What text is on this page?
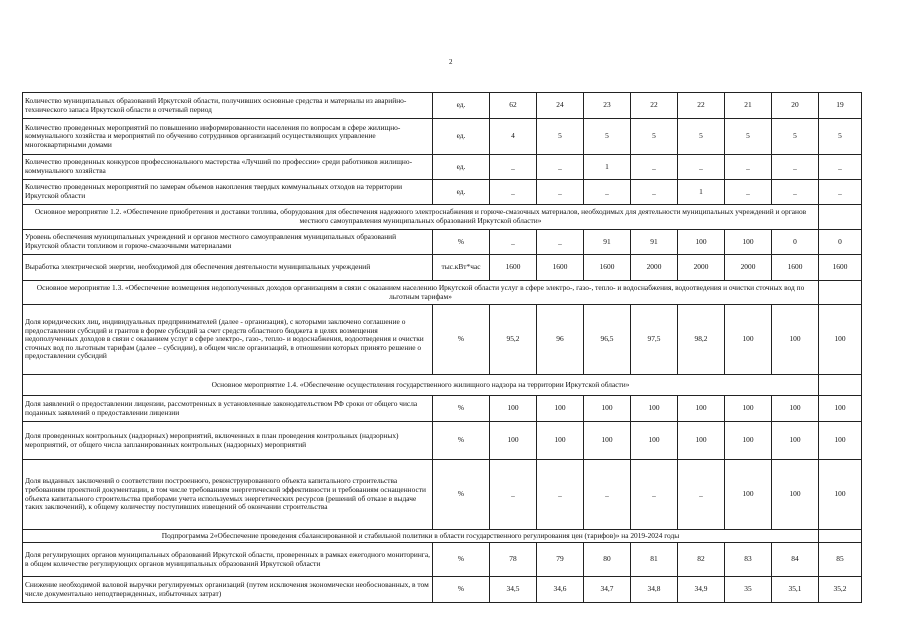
2
Количество муниципальных образований Иркутской области, получивших основные средства и материалы из аварийно-технического запаса Иркутской области в отчетный период	ед.	62	24	23	22	22	21	20	19
Количество проведенных мероприятий по повышению информированности населения по вопросам в сфере жилищно-коммунального хозяйства и мероприятий по обучению сотрудников организаций осуществляющих управление многоквартирными домами	ед.	4	5	5	5	5	5	5	5
Количество проведенных конкурсов профессионального мастерства «Лучший по профессии» среди работников жилищно-коммунального хозяйства	ед.	_	_	1	_	_	_	_	_
Количество проведенных мероприятий по замерам объемов накопления твердых коммунальных отходов на территории Иркутской области	ед.	_	_	_	_	1	_	_	_
Основное мероприятие 1.2. «Обеспечение приобретения и доставки топлива, оборудования для обеспечения надежного электроснабжения и горюче-смазочных материалов, необходимых для деятельности муниципальных учреждений и органов местного самоуправления муниципальных образований Иркутской области»									
Уровень обеспечения муниципальных учреждений и органов местного самоуправления муниципальных образований Иркутской области топливом и горюче-смазочными материалами	%	_	_	91	91	100	100	0	0
Выработка электрической энергии, необходимой для обеспечения деятельности муниципальных учреждений	тыс.кВт*час	1600	1600	1600	2000	2000	2000	1600	1600
Основное мероприятие 1.3. «Обеспечение возмещения недополученных доходов организациям в связи с оказанием населению Иркутской области услуг в сфере электро-, газо-, тепло- и водоснабжения, водоотведения и очистки сточных вод по льготным тарифам»									
Доля юридических лиц, индивидуальных предпринимателей (далее - организация), с которыми заключено соглашение о предоставлении субсидий и грантов в форме субсидий за счет средств областного бюджета в целях возмещения недополученных доходов в связи с оказанием услуг в сфере электро-, газо-, тепло- и водоснабжения, водоотведения и очистки сточных вод по льготным тарифам (далее – субсидии), в общем числе организаций, в отношении которых принято решение о предоставлении субсидий	%	95,2	96	96,5	97,5	98,2	100	100	100
Основное мероприятие 1.4. «Обеспечение осуществления государственного жилищного надзора на территории Иркутской области»									
Доля заявлений о предоставлении лицензии, рассмотренных в установленные законодательством РФ сроки от общего числа поданных заявлений о предоставлении лицензии	%	100	100	100	100	100	100	100	100
Доля проведенных контрольных (надзорных) мероприятий, включенных в план проведения контрольных (надзорных) мероприятий, от общего числа запланированных контрольных (надзорных) мероприятий	%	100	100	100	100	100	100	100	100
Доля выданных заключений о соответствии построенного, реконструированного объекта капитального строительства требованиям проектной документации, в том числе требованиям энергетической эффективности и требованиям оснащенности объекта капитального строительства приборами учета используемых энергетических ресурсов (решений об отказе в выдаче таких заключений), к общему количеству поступивших извещений об окончании строительства	%	_	_	_	_	_	100	100	100
Подпрограмма 2«Обеспечение проведения сбалансированной и стабильной политики в области государственного регулирования цен (тарифов)» на 2019-2024 годы									
Доля регулирующих органов муниципальных образований Иркутской области, проверенных в рамках ежегодного мониторинга, в общем количестве регулирующих органов муниципальных образований Иркутской области	%	78	79	80	81	82	83	84	85
Снижение необходимой валовой выручки регулируемых организаций (путем исключения экономически необоснованных, в том числе документально неподтвержденных, избыточных затрат)	%	34,5	34,6	34,7	34,8	34,9	35	35,1	35,2
